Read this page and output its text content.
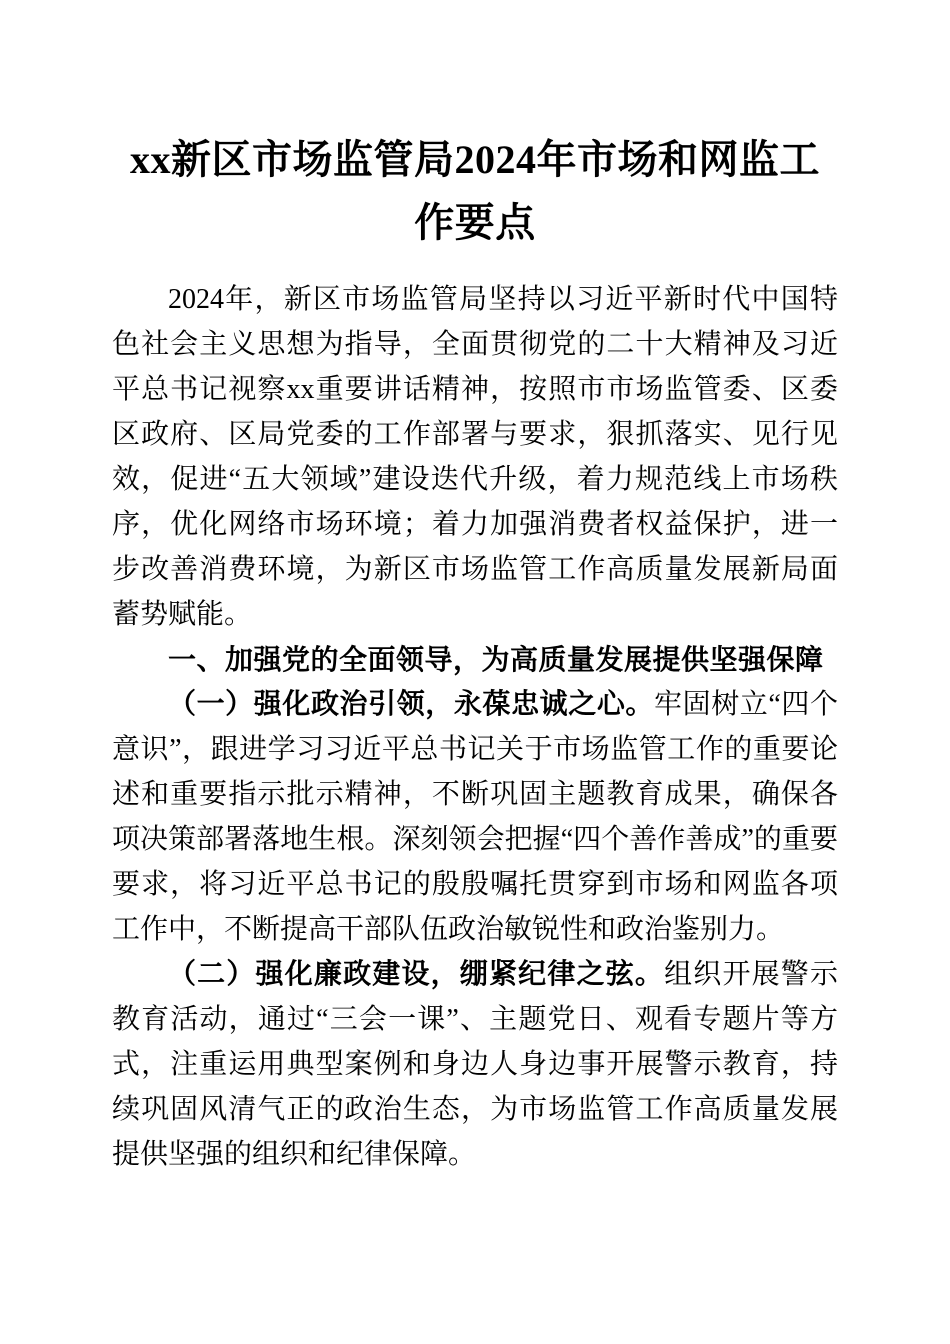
xx新区市场监管局2024年市场和网监工作要点

2024年，新区市场监管局坚持以习近平新时代中国特色社会主义思想为指导，全面贯彻党的二十大精神及习近平总书记视察xx重要讲话精神，按照市市场监管委、区委区政府、区局党委的工作部署与要求，狠抓落实、见行见效，促进“五大领域”建设迭代升级，着力规范线上市场秩序，优化网络市场环境；着力加强消费者权益保护，进一步改善消费环境，为新区市场监管工作高质量发展新局面蓄势赋能。

一、加强党的全面领导，为高质量发展提供坚强保障

（一）强化政治引领，永葆忠诚之心。牢固树立“四个意识”，跟进学习习近平总书记关于市场监管工作的重要论述和重要指示批示精神，不断巩固主题教育成果，确保各项决策部署落地生根。深刻领会把握“四个善作善成”的重要要求，将习近平总书记的殷殷嘱托贯穿到市场和网监各项工作中，不断提高干部队伍政治敏锐性和政治鉴别力。

（二）强化廉政建设，绷紧纪律之弦。组织开展警示教育活动，通过“三会一课”、主题党日、观看专题片等方式，注重运用典型案例和身边人身边事开展警示教育，持续巩固风清气正的政治生态，为市场监管工作高质量发展提供坚强的组织和纪律保障。
